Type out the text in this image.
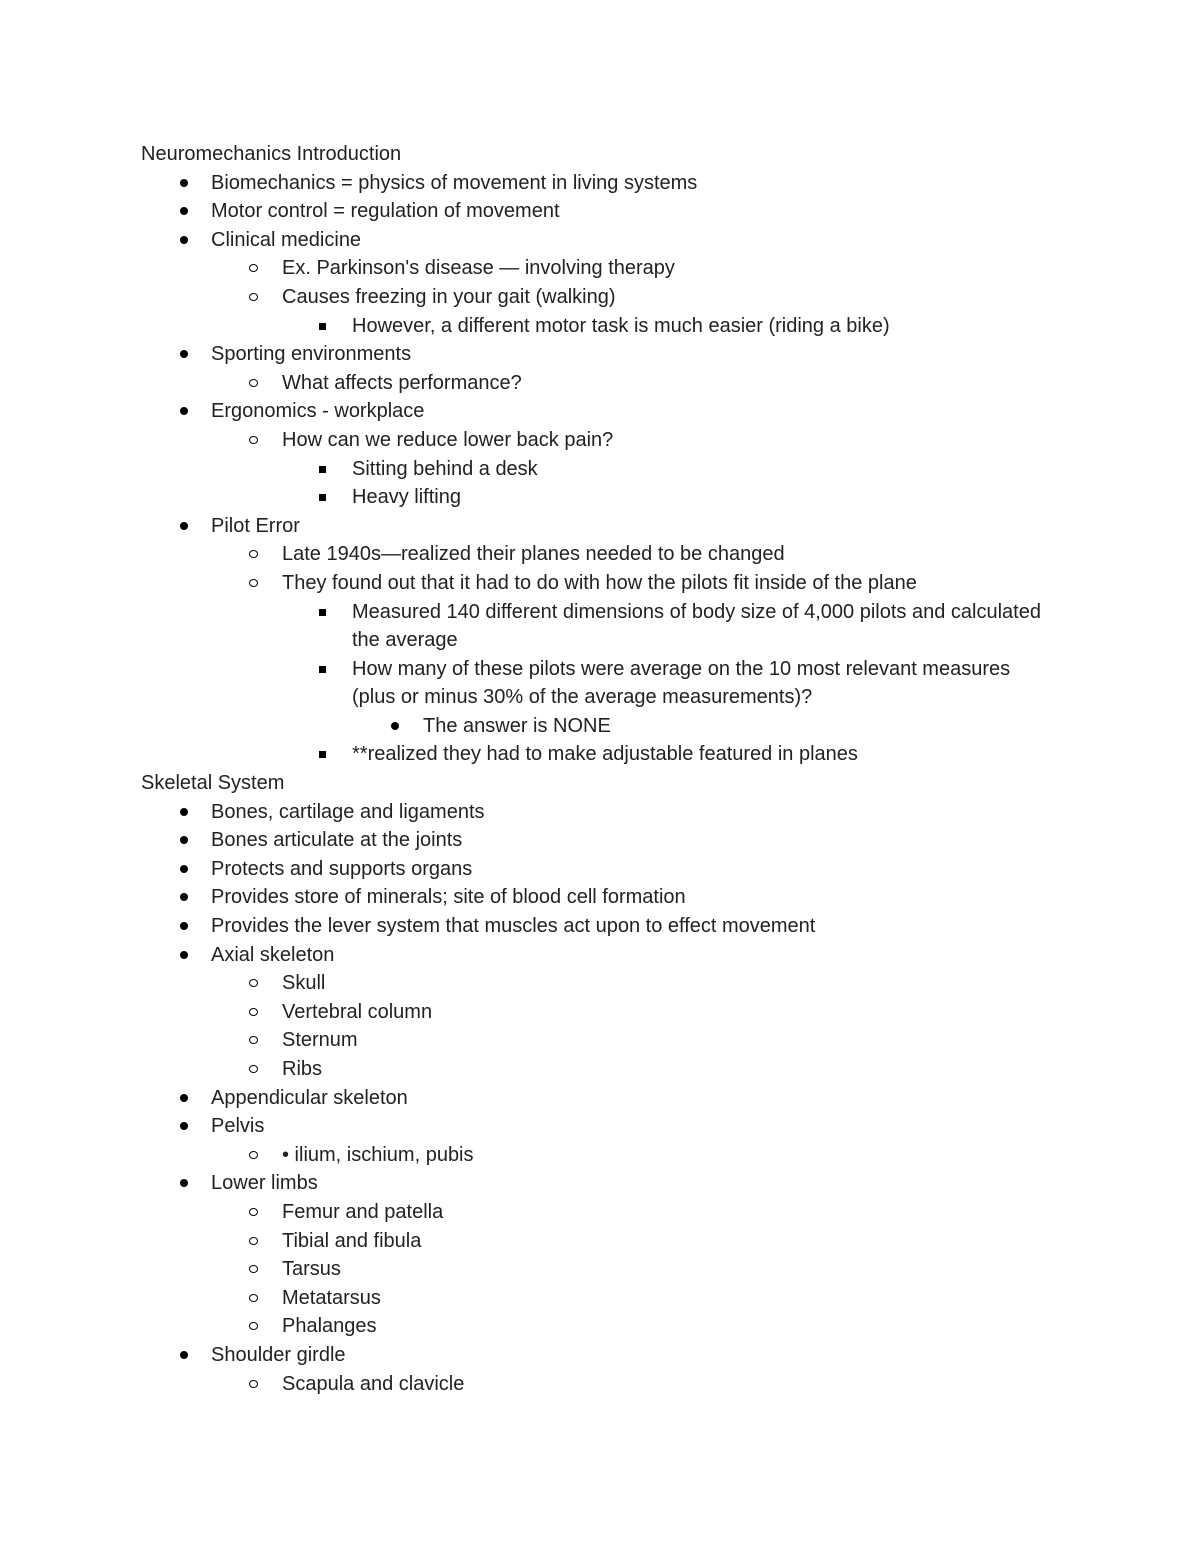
Neuromechanics Introduction
Biomechanics = physics of movement in living systems
Motor control = regulation of movement
Clinical medicine
Ex. Parkinson's disease — involving therapy
Causes freezing in your gait (walking)
However, a different motor task is much easier (riding a bike)
Sporting environments
What affects performance?
Ergonomics - workplace
How can we reduce lower back pain?
Sitting behind a desk
Heavy lifting
Pilot Error
Late 1940s—realized their planes needed to be changed
They found out that it had to do with how the pilots fit inside of the plane
Measured 140 different dimensions of body size of 4,000 pilots and calculated the average
How many of these pilots were average on the 10 most relevant measures (plus or minus 30% of the average measurements)?
The answer is NONE
**realized they had to make adjustable featured in planes
Skeletal System
Bones, cartilage and ligaments
Bones articulate at the joints
Protects and supports organs
Provides store of minerals; site of blood cell formation
Provides the lever system that muscles act upon to effect movement
Axial skeleton
Skull
Vertebral column
Sternum
Ribs
Appendicular skeleton
Pelvis
• ilium, ischium, pubis
Lower limbs
Femur and patella
Tibial and fibula
Tarsus
Metatarsus
Phalanges
Shoulder girdle
Scapula and clavicle
